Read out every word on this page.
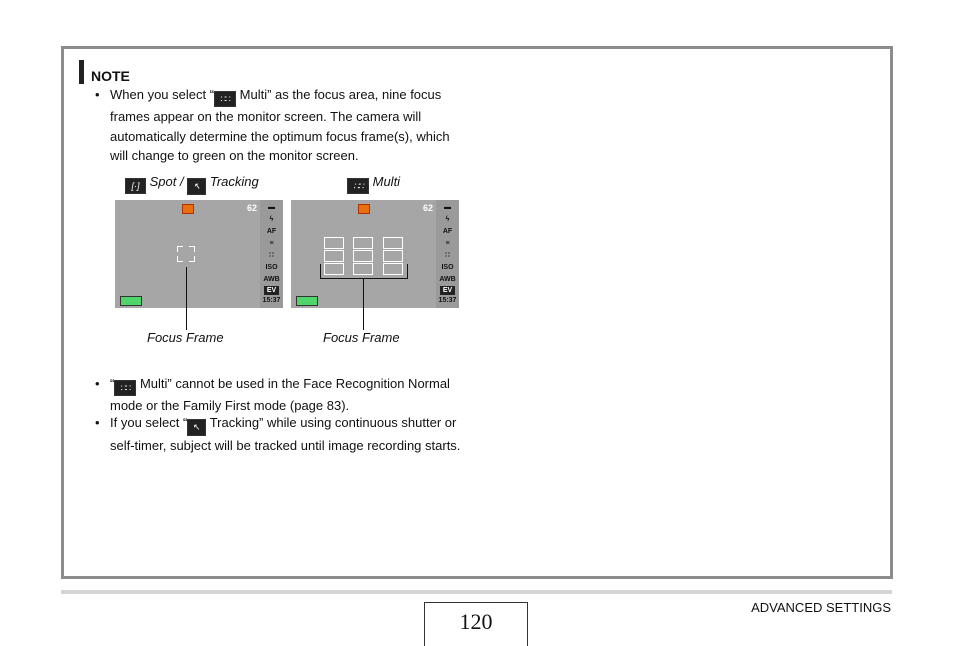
NOTE
• When you select “∷∷ Multi” as the focus area, nine focus frames appear on the monitor screen. The camera will automatically determine the optimum focus frame(s), which will change to green on the monitor screen.

[·] Spot / ↖ Tracking ∷∷	Multi
62	▬
ϟ
AF
≡
∷
ISO
AWB
EV
15:37
62	▬
ϟ
AF
≡
∷
ISO
AWB
EV
15:37
Focus Frame	Focus Frame
• “∷∷ Multi” cannot be used in the Face Recognition Normal mode or the Family First mode (page 83).

• If you select “↖ Tracking” while using continuous shutter or self-timer, subject will be tracked until image recording starts.

120
ADVANCED SETTINGS
